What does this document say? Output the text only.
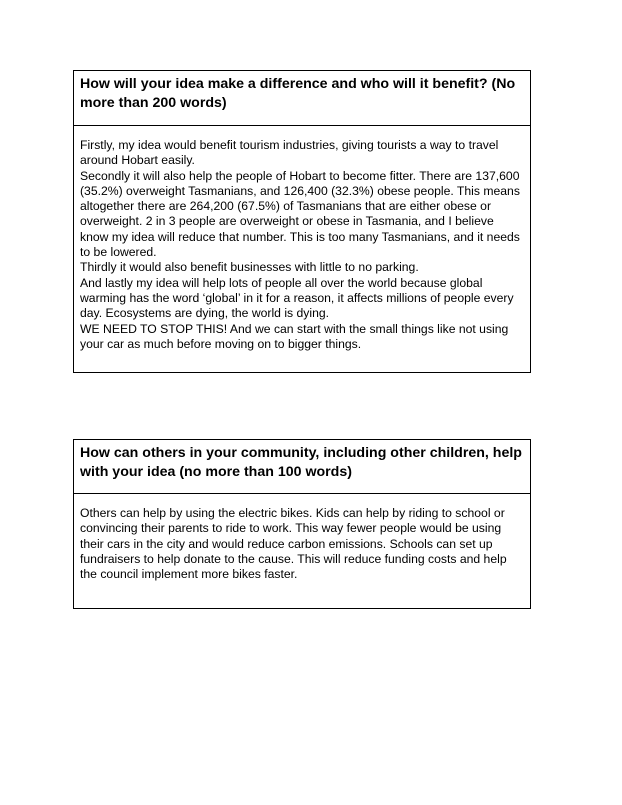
How will your idea make a difference and who will it benefit? (No more than 200 words)

Firstly, my idea would benefit tourism industries, giving tourists a way to travel around Hobart easily.

Secondly it will also help the people of Hobart to become fitter. There are 137,600 (35.2%) overweight Tasmanians, and 126,400 (32.3%) obese people. This means altogether there are 264,200 (67.5%) of Tasmanians that are either obese or overweight. 2 in 3 people are overweight or obese in Tasmania, and I believe know my idea will reduce that number. This is too many Tasmanians, and it needs to be lowered.

Thirdly it would also benefit businesses with little to no parking.

And lastly my idea will help lots of people all over the world because global warming has the word ‘global’ in it for a reason, it affects millions of people every day. Ecosystems are dying, the world is dying.

WE NEED TO STOP THIS! And we can start with the small things like not using your car as much before moving on to bigger things.

How can others in your community, including other children, help with your idea (no more than 100 words)

Others can help by using the electric bikes. Kids can help by riding to school or convincing their parents to ride to work. This way fewer people would be using their cars in the city and would reduce carbon emissions. Schools can set up fundraisers to help donate to the cause. This will reduce funding costs and help the council implement more bikes faster.
